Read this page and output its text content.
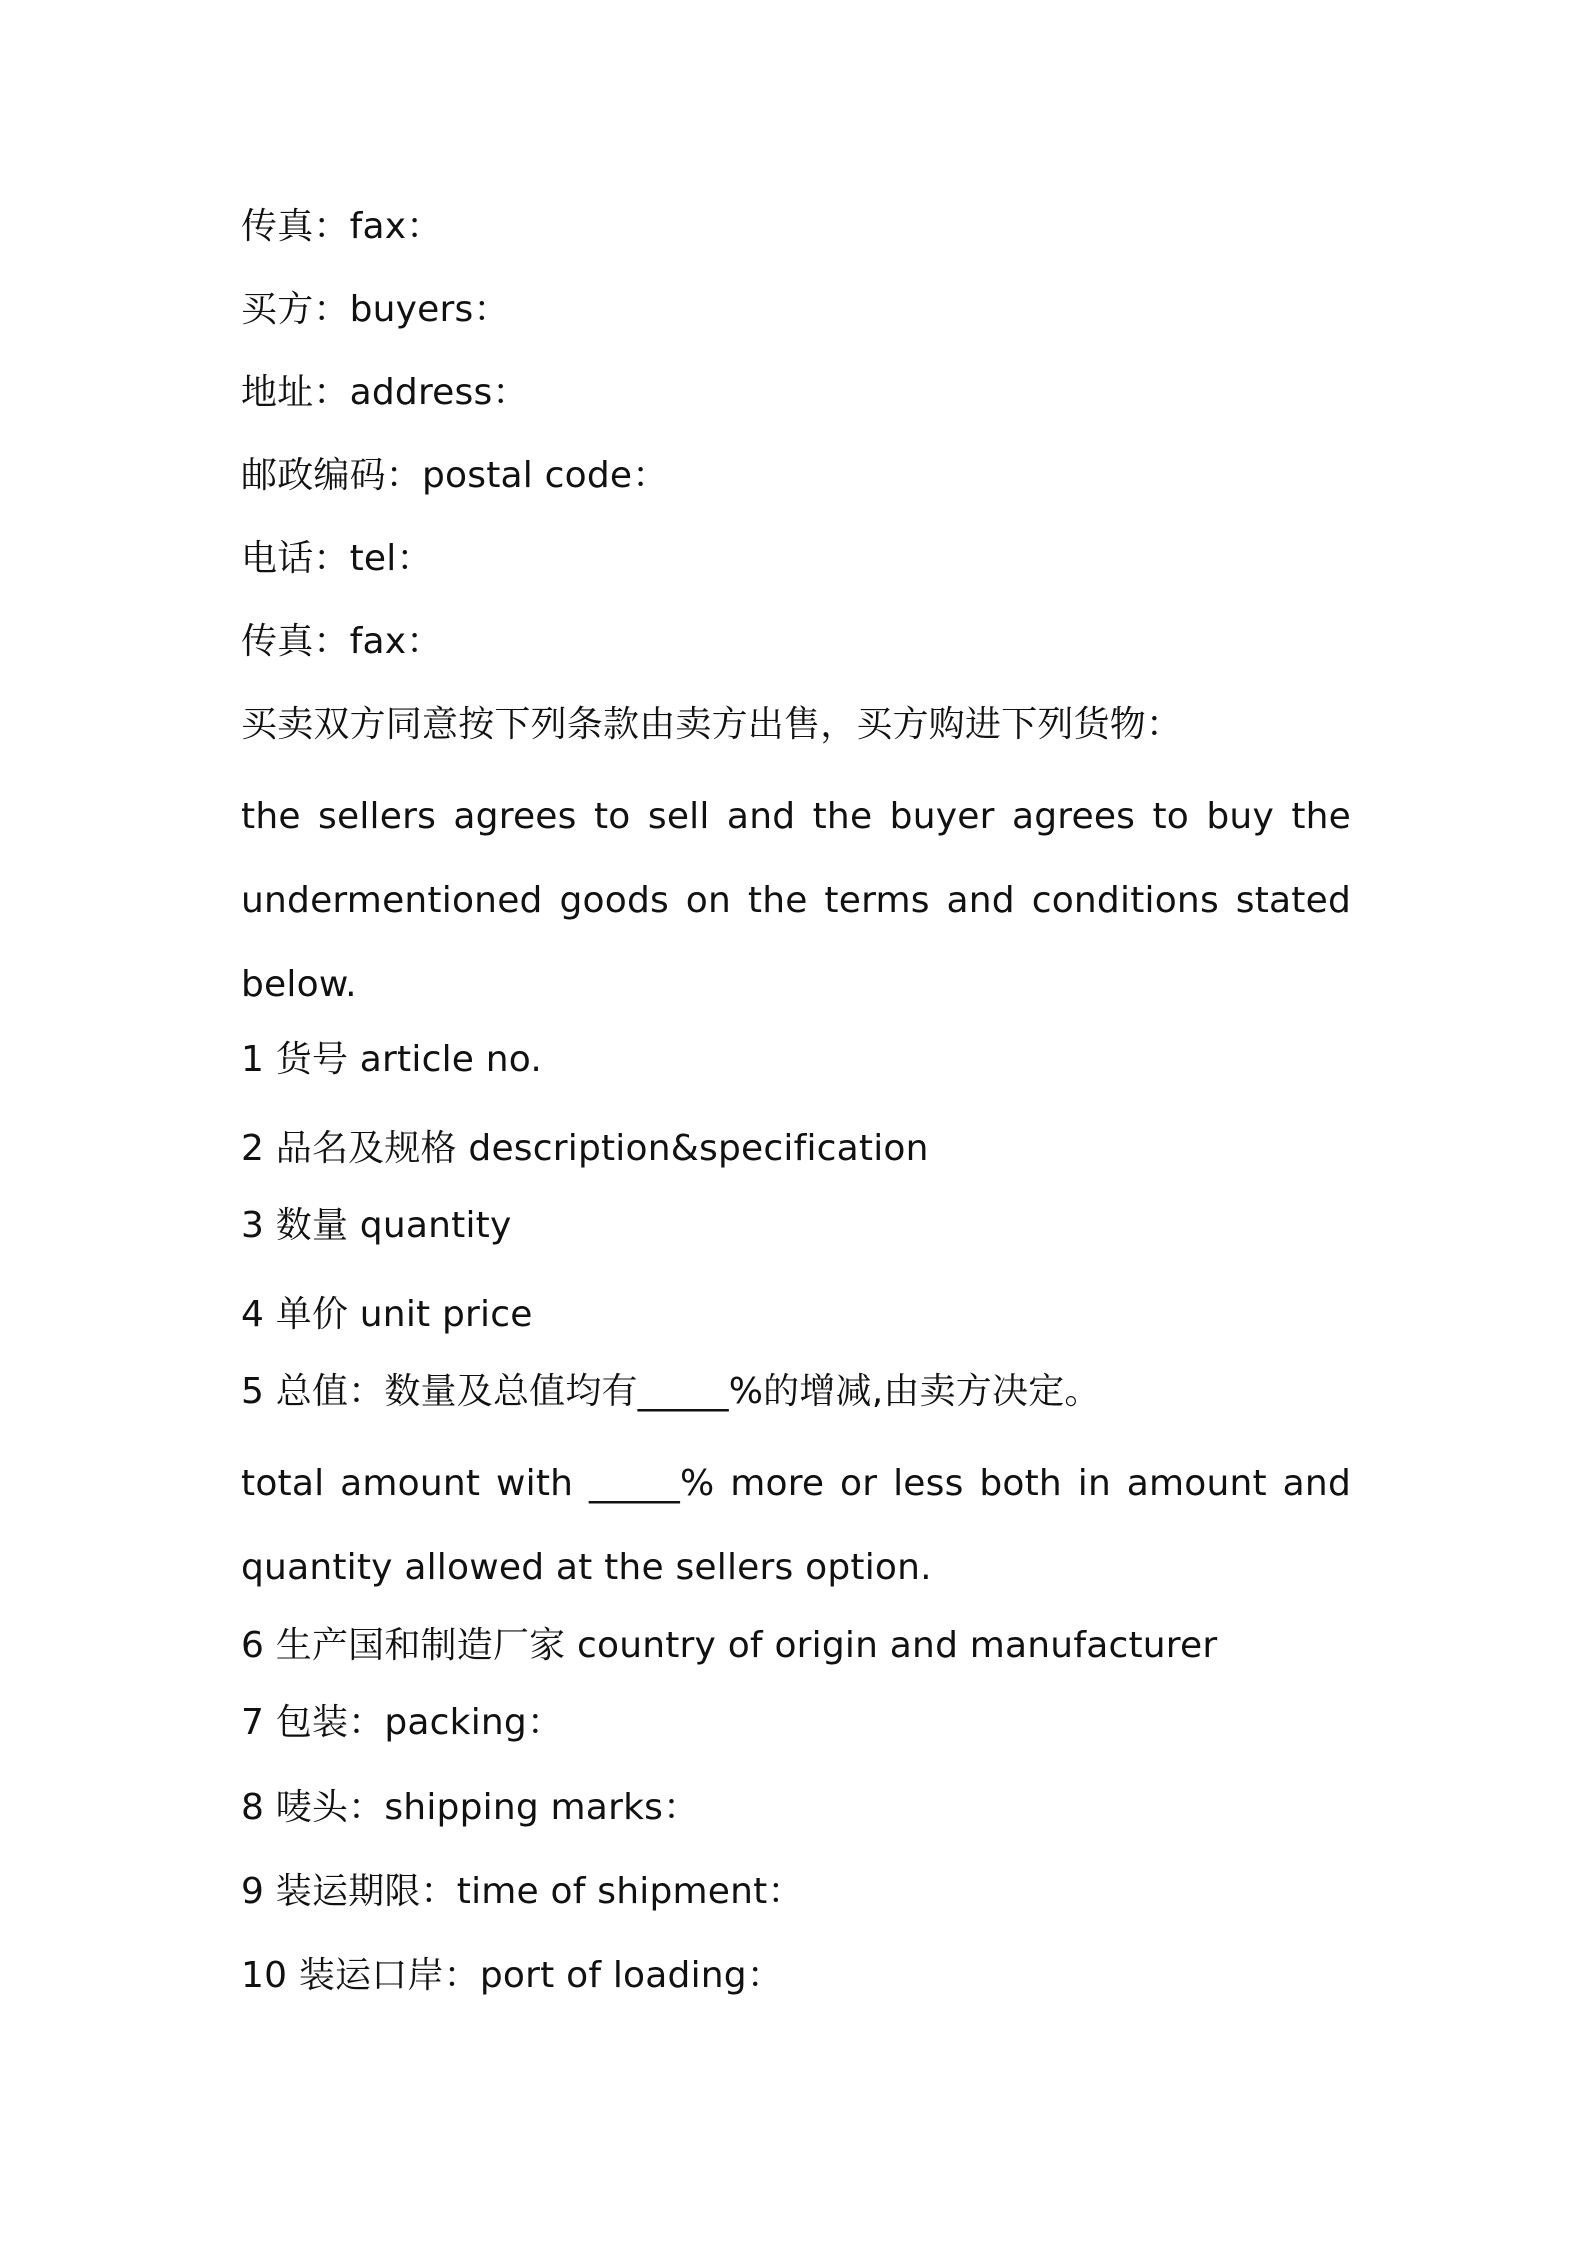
传真：fax：
买方：buyers：
地址：address：
邮政编码：postal code：
电话：tel：
传真：fax：
买卖双方同意按下列条款由卖方出售，买方购进下列货物：
the sellers agrees to sell and the buyer agrees to buy the undermentioned goods on the terms and conditions stated below.
1 货号 article no.
2 品名及规格 description&specification
3 数量 quantity
4 单价 unit price
5 总值：数量及总值均有_____%的增减,由卖方决定。
total amount with _____% more or less both in amount and quantity allowed at the sellers option.
6 生产国和制造厂家 country of origin and manufacturer
7 包装：packing：
8 唛头：shipping marks：
9 装运期限：time of shipment：
10 装运口岸：port of loading：
